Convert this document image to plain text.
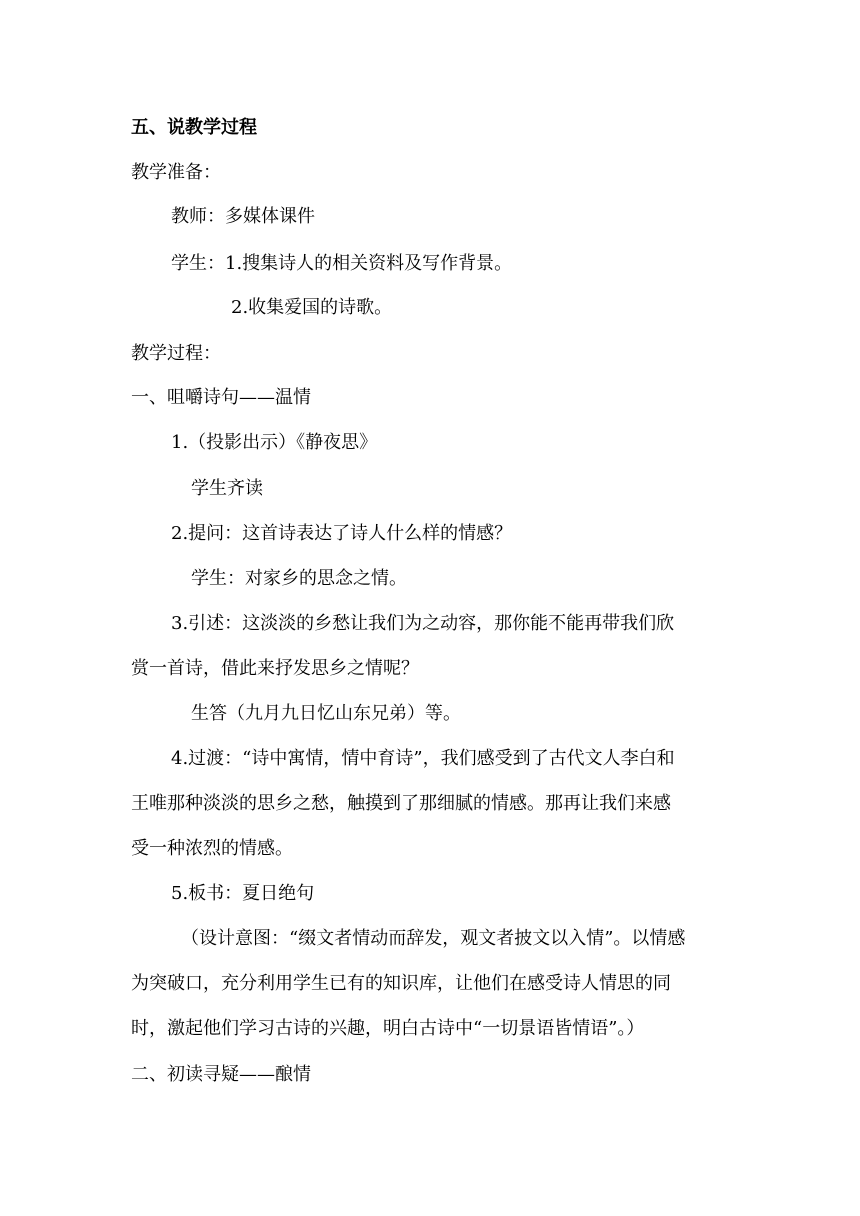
五、说教学过程
教学准备：
教师：多媒体课件
学生：1.搜集诗人的相关资料及写作背景。
2.收集爱国的诗歌。
教学过程：
一、咀嚼诗句——温情
1.（投影出示）《静夜思》
学生齐读
2.提问：这首诗表达了诗人什么样的情感？
学生：对家乡的思念之情。
3.引述：这淡淡的乡愁让我们为之动容，那你能不能再带我们欣
赏一首诗，借此来抒发思乡之情呢？
生答（九月九日忆山东兄弟）等。
4.过渡：“诗中寓情，情中育诗”，我们感受到了古代文人李白和
王唯那种淡淡的思乡之愁，触摸到了那细腻的情感。那再让我们来感
受一种浓烈的情感。
5.板书：夏日绝句
（设计意图：“缀文者情动而辞发，观文者披文以入情”。以情感
为突破口，充分利用学生已有的知识库，让他们在感受诗人情思的同
时，激起他们学习古诗的兴趣，明白古诗中“一切景语皆情语”。）
二、初读寻疑——酿情
